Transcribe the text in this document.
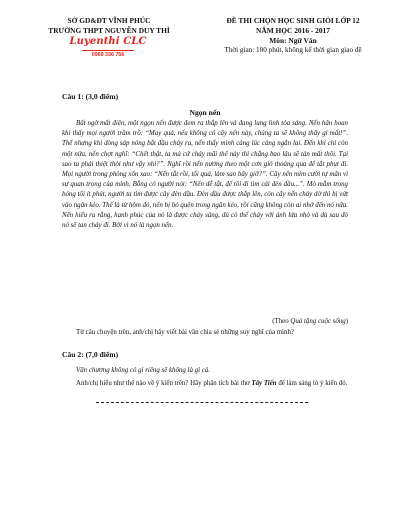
SỞ GD&ĐT VĨNH PHÚC
TRƯỜNG THPT NGUYỄN DUY THÌ
Luyenthi CLC
0969 336 756
ĐỀ THI CHỌN HỌC SINH GIỎI LỚP 12
NĂM HỌC 2016 - 2017
Môn: Ngữ Văn
Thời gian: 180 phút, không kể thời gian giao đề
Câu 1: (3,0 điểm)
Ngọn nến
Bất ngờ mất điện, một ngọn nến được đem ra thắp lên và đang lung linh tỏa sáng. Nến hân hoan khi thấy mọi người trầm trồ: “May quá, nếu không có cây nến này, chúng ta sẽ không thấy gì mất!”. Thế nhưng khi dòng sáp nóng bắt đầu chảy ra, nến thấy mình càng lúc càng ngắn lại. Đến khi chỉ còn một nửa, nến chợt nghĩ: “Chết thật, ta mà cứ cháy mãi thế này thì chẳng bao lâu sẽ tàn mất thôi. Tại sao ta phải thiệt thòi như vậy nhỉ?”. Nghĩ rồi nến nương theo một cơn gió thoảng qua để tắt phụt đi. Mọi người trong phòng xôn xao: “Nến tắt rồi, tối quá, làm sao bây giờ?”. Cây nến mỉm cười tự mãn vì sự quan trọng của mình. Bỗng có người nói: “Nến dễ tắt, để tôi đi tìm cái đèn dầu...”. Mò mẫm trong bóng tối ít phút, người ta tìm được cây đèn dầu. Đèn dầu được thắp lên, còn cây nến cháy dở thì bị vứt vào ngăn kéo. Thế là từ hôm đó, nến bị bỏ quên trong ngăn kéo, rồi cũng không còn ai nhớ đến nó nữa. Nến hiểu ra rằng, hạnh phúc của nó là được cháy sáng, dù có thể cháy với ánh lửa nhỏ và dù sau đó nó sẽ tan chảy đi. Bởi vì nó là ngọn nến.
(Theo Quà tặng cuộc sống)
Từ câu chuyện trên, anh/chị hãy viết bài văn chia sẻ những suy nghĩ của mình?
Câu 2: (7,0 điểm)
Văn chương không có gì riêng sẽ không là gì cả.
Anh/chị hiểu như thế nào về ý kiến trên? Hãy phân tích bài thơ Tây Tiến để làm sáng tỏ ý kiến đó.
